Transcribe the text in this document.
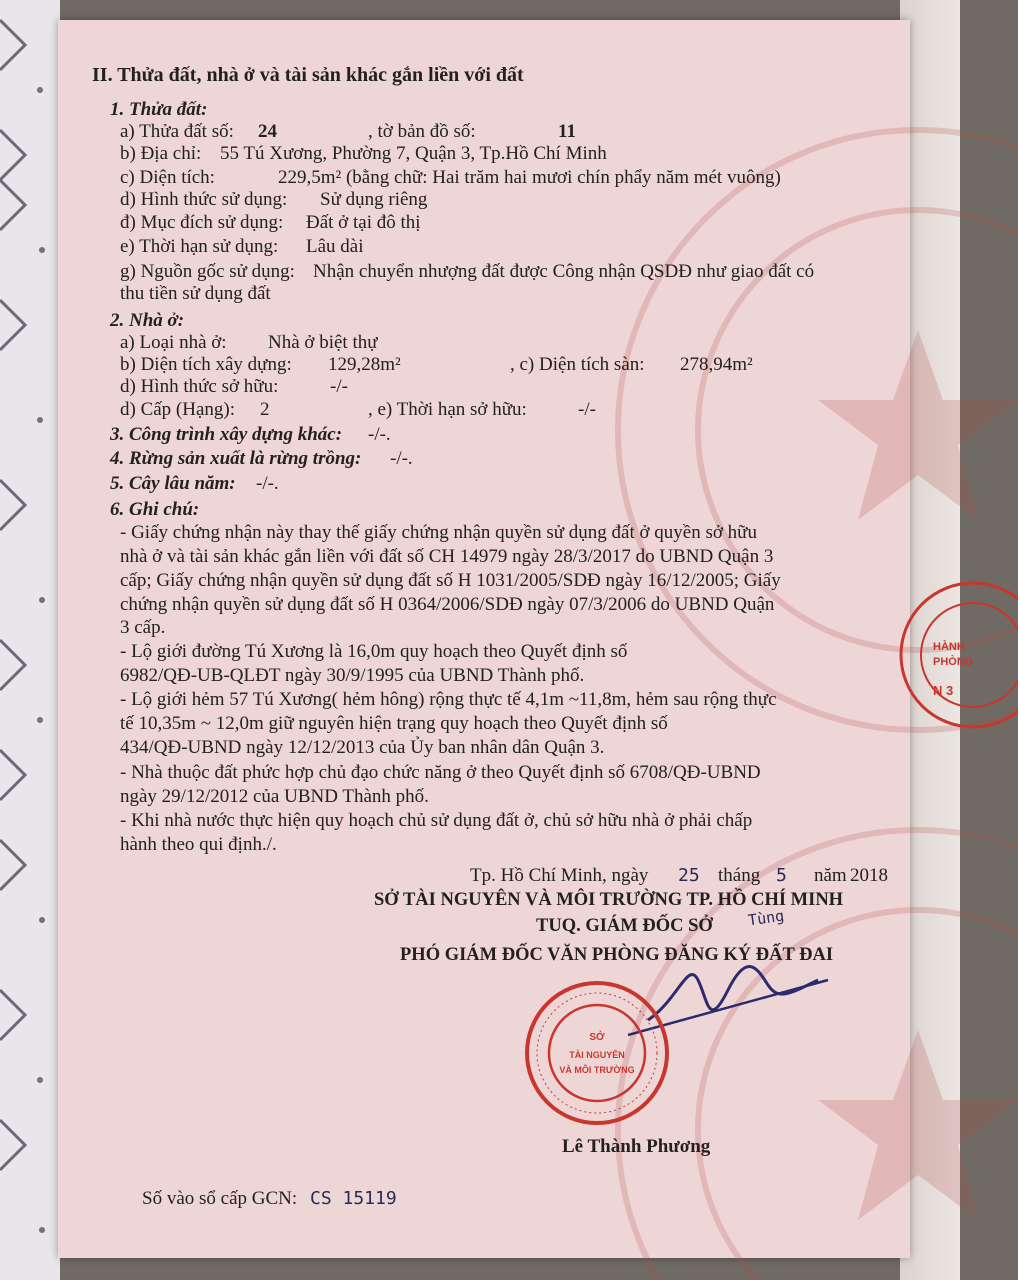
II. Thửa đất, nhà ở và tài sản khác gắn liền với đất
1. Thửa đất:
a) Thửa đất số: 24	, tờ bản đồ số:	11
b) Địa chỉ: 55 Tú Xương, Phường 7, Quận 3, Tp.Hồ Chí Minh
c) Diện tích:	229,5m² (bằng chữ: Hai trăm hai mươi chín phẩy năm mét vuông)
d) Hình thức sử dụng: Sử dụng riêng
đ) Mục đích sử dụng: Đất ở tại đô thị
e) Thời hạn sử dụng: Lâu dài
g) Nguồn gốc sử dụng: Nhận chuyển nhượng đất được Công nhận QSDĐ như giao đất có
thu tiền sử dụng đất
2. Nhà ở:
a) Loại nhà ở: Nhà ở biệt thự
b) Diện tích xây dựng: 129,28m²	, c) Diện tích sàn: 278,94m²
d) Hình thức sở hữu:	-/-
d) Cấp (Hạng): 2	, e) Thời hạn sở hữu:	-/-
3. Công trình xây dựng khác: -/-.
4. Rừng sản xuất là rừng trồng: -/-.
5. Cây lâu năm: -/-.
6. Ghi chú:
- Giấy chứng nhận này thay thế giấy chứng nhận quyền sử dụng đất ở quyền sở hữu
nhà ở và tài sản khác gắn liền với đất số CH 14979 ngày 28/3/2017 do UBND Quận 3
cấp; Giấy chứng nhận quyền sử dụng đất số H 1031/2005/SDĐ ngày 16/12/2005; Giấy
chứng nhận quyền sử dụng đất số H 0364/2006/SDĐ ngày 07/3/2006 do UBND Quận
3 cấp.
- Lộ giới đường Tú Xương là 16,0m quy hoạch theo Quyết định số
6982/QĐ-UB-QLĐT ngày 30/9/1995 của UBND Thành phố.
- Lộ giới hẻm 57 Tú Xương( hẻm hông) rộng thực tế 4,1m ~11,8m, hẻm sau rộng thực
tế 10,35m ~ 12,0m giữ nguyên hiện trạng quy hoạch theo Quyết định số
434/QĐ-UBND ngày 12/12/2013 của Ủy ban nhân dân Quận 3.
- Nhà thuộc đất phức hợp chủ đạo chức năng ở theo Quyết định số 6708/QĐ-UBND
ngày 29/12/2012 của UBND Thành phố.
- Khi nhà nước thực hiện quy hoạch chủ sử dụng đất ở, chủ sở hữu nhà ở phải chấp
hành theo qui định./.
Tp. Hồ Chí Minh, ngày 25 tháng 5 năm 2018
SỞ TÀI NGUYÊN VÀ MÔI TRƯỜNG TP. HỒ CHÍ MINH
TUQ. GIÁM ĐỐC SỞ Tùng
PHÓ GIÁM ĐỐC VĂN PHÒNG ĐĂNG KÝ ĐẤT ĐAI
SỞ
TÀI NGUYÊN
VÀ MÔI TRƯỜNG
HÀNH
PHÒNG
N 3
Lê Thành Phương
Số vào sổ cấp GCN: CS 15119
